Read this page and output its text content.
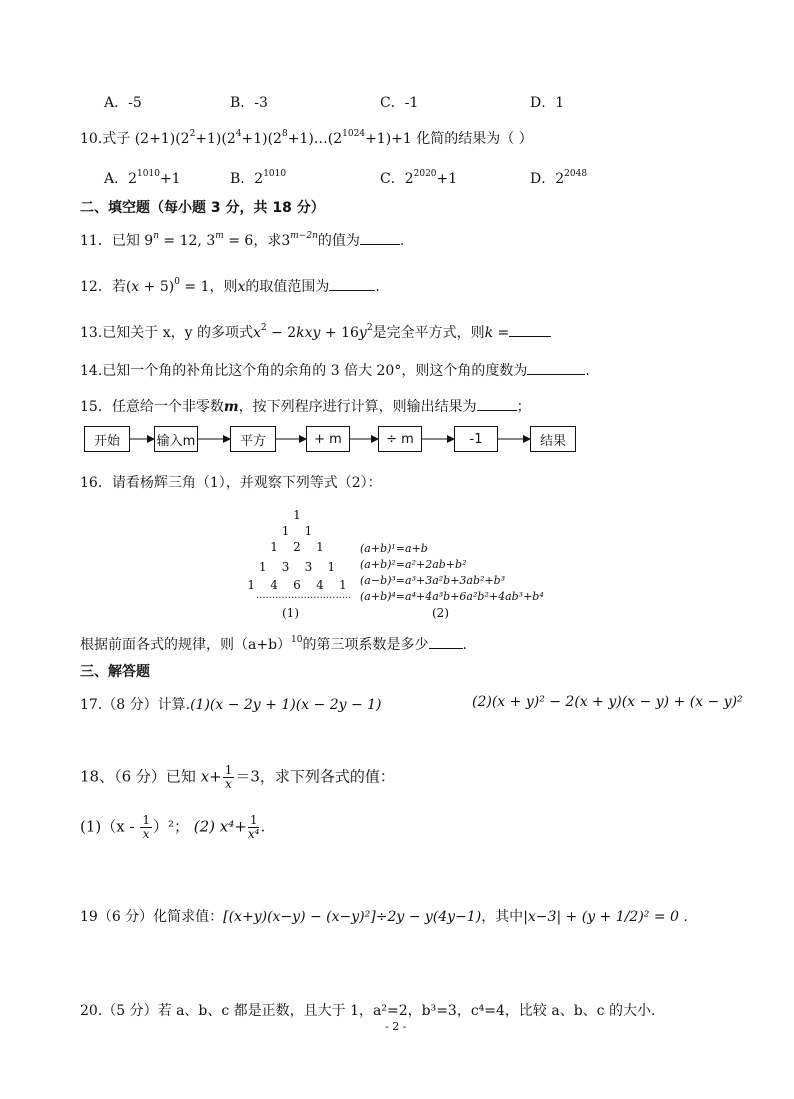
A．-5	B．-3	C．-1	D．1
10.式子 $(2+1)(2^2+1)(2^4+1)(2^8+1)\dots(2^{1024}+1)+1$ 化简的结果为（ ）
A．$2^{1010}+1$	B．$2^{1010}$	C．$2^{2020}+1$	D．$2^{2048}$
二、填空题（每小题 3 分，共 18 分）
11．已知 $9^n = 12$, $3^m = 6$，求$3^{m-2n}$的值为	.
12．若$(x + 5)^0 = 1$，则x的取值范围为	.
13.已知关于 x，y 的多项式$x^2 - 2kxy + 16y^2$是完全平方式，则k =
14.已知一个角的补角比这个角的余角的 3 倍大 20°，则这个角的度数为	.
15．任意给一个非零数m，按下列程序进行计算，则输出结果为	；
开始	输入m	平方	+ m	÷ m	-1	结果
16．请看杨辉三角（1），并观察下列等式（2）：
1
1    1
1    2    1
1    3    3    1
1    4    6    4    1
..............................
(1)
(a+b)¹=a+b
(a+b)²=a²+2ab+b²
(a−b)³=a³+3a²b+3ab²+b³
(a+b)⁴=a⁴+4a³b+6a²b²+4ab³+b⁴
(2)
根据前面各式的规律，则$(a+b)^{10}$的第三项系数是多少 .
三、解答题
17.（8 分）计算.(1)(x − 2y + 1)(x − 2y − 1)	(2)(x + y)² − 2(x + y)(x − y) + (x − y)²
18、（6 分）已知 $x+ \frac{1}{x} =3$，求下列各式的值：
$(1)(x - \frac{1}{x} )^2$； (2) $x^4+ \frac{1}{\text{x⁴}}$ .
19（6 分）化简求值：[(x+y)(x−y) − (x−y)²]÷2y − y(4y−1)，其中|x−3| + (y + 1/2)² = 0 .
20.（5 分）若 a、b、c 都是正数，且大于 1，a²=2，b³=3，c⁴=4，比较 a、b、c 的大小.
- 2 -
